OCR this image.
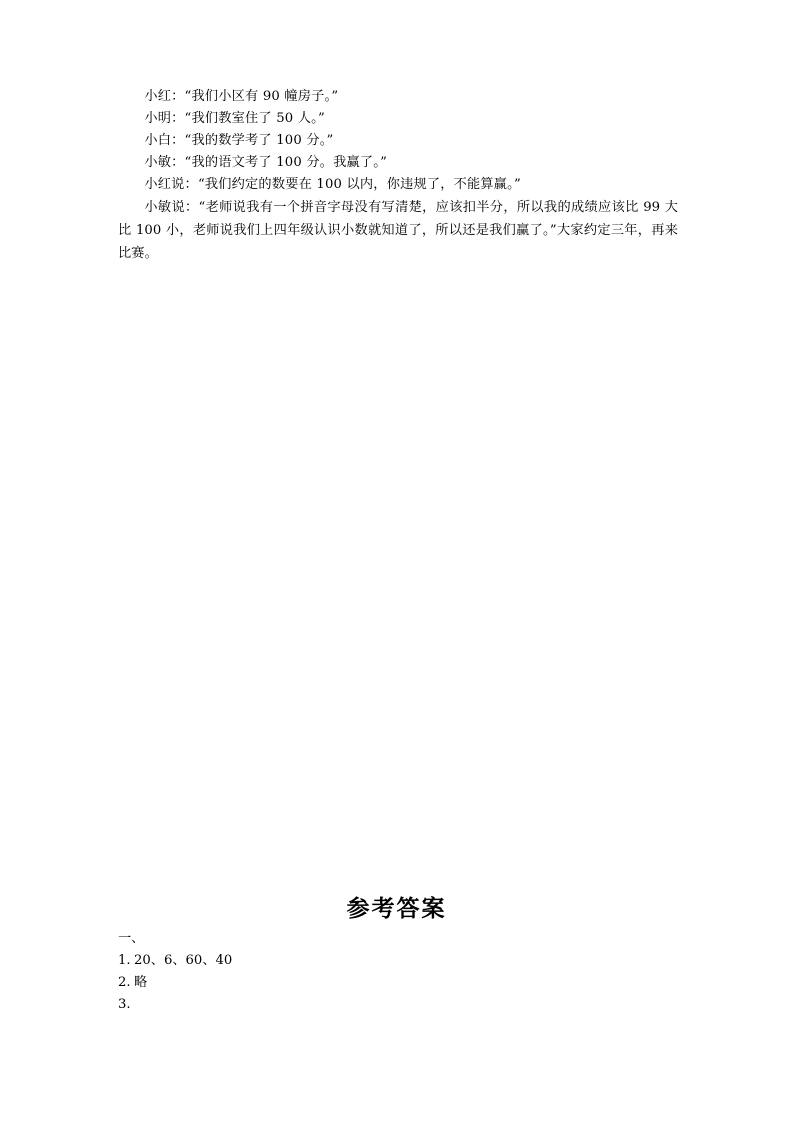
小红：“我们小区有 90 幢房子。”

小明：“我们教室住了 50 人。”

小白：“我的数学考了 100 分。”

小敏：“我的语文考了 100 分。我赢了。”

小红说：“我们约定的数要在 100 以内，你违规了，不能算赢。”

小敏说：“老师说我有一个拼音字母没有写清楚，应该扣半分，所以我的成绩应该比 99 大比 100 小，老师说我们上四年级认识小数就知道了，所以还是我们赢了。”大家约定三年，再来比赛。

参考答案

一、

1. 20、6、60、40

2. 略

3.
